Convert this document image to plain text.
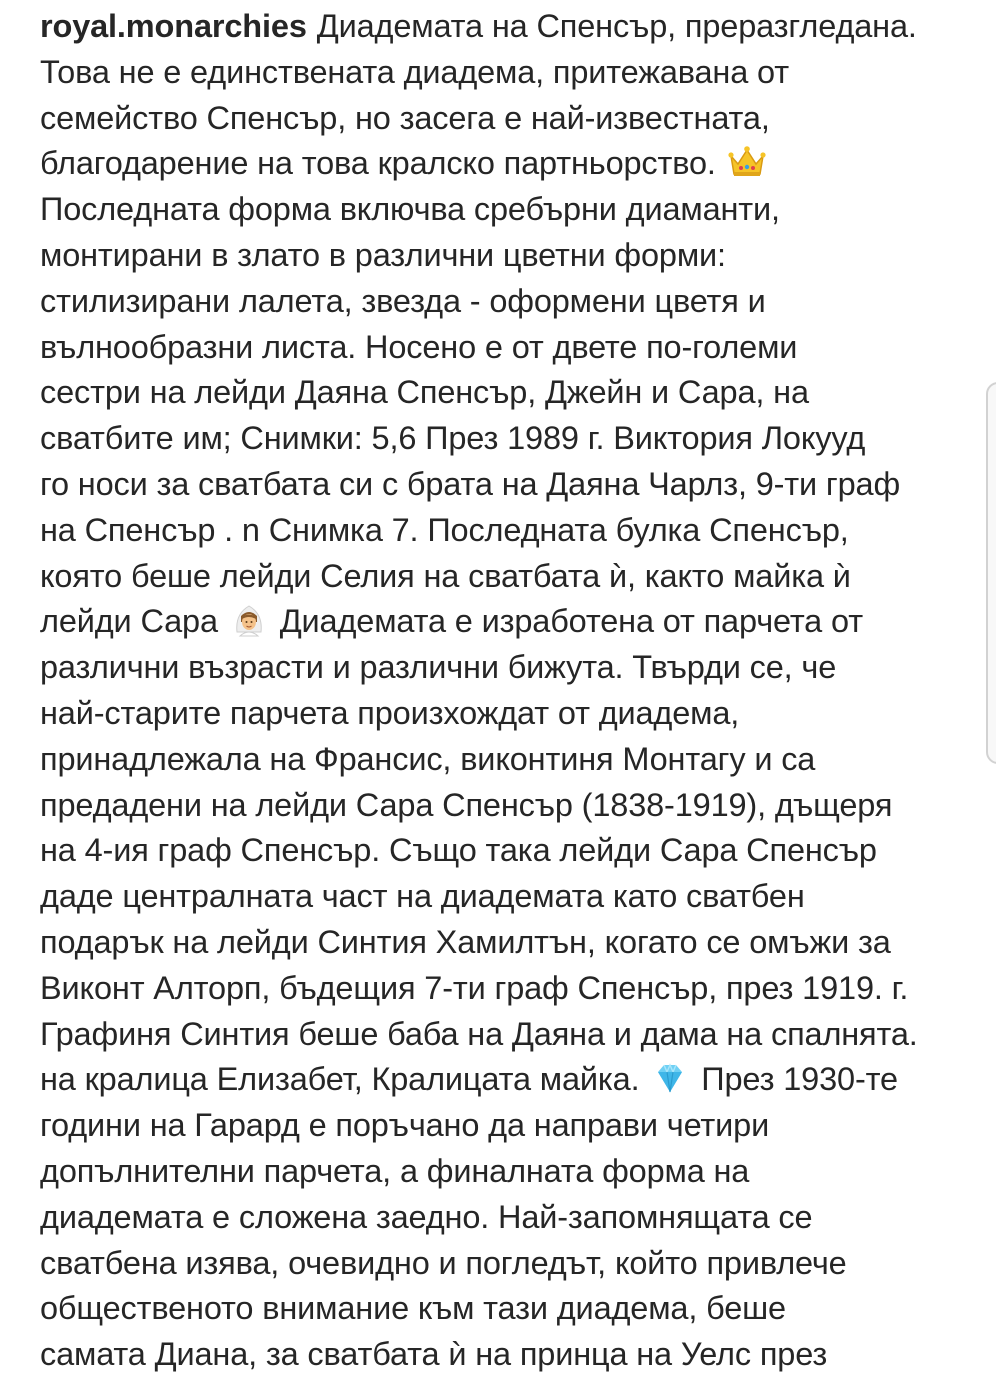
royal.monarchies Диадемата на Спенсър, преразгледана.
Това не е единствената диадема, притежавана от
семейство Спенсър, но засега е най-известната,
благодарение на това кралско партньорство.
Последната форма включва сребърни диаманти,
монтирани в злато в различни цветни форми:
стилизирани лалета, звезда - оформени цветя и
вълнообразни листа. Носено е от двете по-големи
сестри на лейди Даяна Спенсър, Джейн и Сара, на
сватбите им; Снимки: 5,6 През 1989 г. Виктория Локууд
го носи за сватбата си с брата на Даяна Чарлз, 9-ти граф
на Спенсър . n Снимка 7. Последната булка Спенсър,
която беше лейди Селия на сватбата ѝ, както майка ѝ
лейди Сара Диадемата е изработена от парчета от
различни възрасти и различни бижута. Твърди се, че
най-старите парчета произхождат от диадема,
принадлежала на Франсис, виконтиня Монтагу и са
предадени на лейди Сара Спенсър (1838-1919), дъщеря
на 4-ия граф Спенсър. Също така лейди Сара Спенсър
даде централната част на диадемата като сватбен
подарък на лейди Синтия Хамилтън, когато се омъжи за
Виконт Алторп, бъдещия 7-ти граф Спенсър, през 1919. г.
Графиня Синтия беше баба на Даяна и дама на спалнята.
на кралица Елизабет, Кралицата майка. През 1930-те
години на Гарард е поръчано да направи четири
допълнителни парчета, а финалната форма на
диадемата е сложена заедно. Най-запомнящата се
сватбена изява, очевидно и погледът, който привлече
общественото внимание към тази диадема, беше
самата Диана, за сватбата ѝ на принца на Уелс през
